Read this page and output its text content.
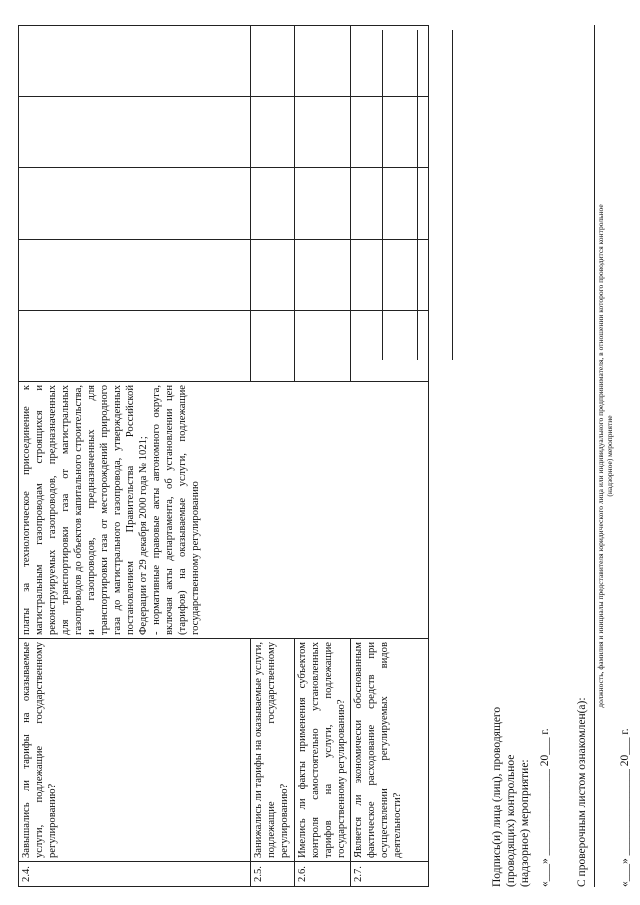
2.4.	Завышались ли тарифы на оказываемые услуги, подлежащие государственному регулированию?	платы за технологическое присоединение к магистральным газопроводам строящихся и реконструируемых газопроводов, предназначенных для транспортировки газа от магистральных газопроводов до объектов капитального строительства, и газопроводов, предназначенных для транспортировки газа от месторождений природного газа до магистрального газопровода, утвержденных постановлением Правительства Российской Федерации от 29 декабря 2000 года № 1021; - нормативные правовые акты автономного округа, включая акты департамента, об установлении цен (тарифов) на оказываемые услуги, подлежащие государственному регулированию					

2.5.	Занижались ли тарифы на оказываемые услуги, подлежащие государственному регулированию?						
2.6.	Имелись ли факты применения субъектом контроля самостоятельно установленных тарифов на услуги, подлежащие государственному регулированию?						
2.7.	Является ли экономически обоснованным фактическое расходование средств при осуществлении регулируемых видов деятельности?							Подпись(и) лица (лиц), проводящего (проводящих) контрольное (надзорное) мероприятие: «___» _______________ 20___ г. С проверочным листом ознакомлен(а):
должность, фамилия и инициалы представителя юридического лица или индивидуального предпринимателя, в отношении которого проводится контрольное (надзорное) мероприятие
«___» _______________ 20___ г.
